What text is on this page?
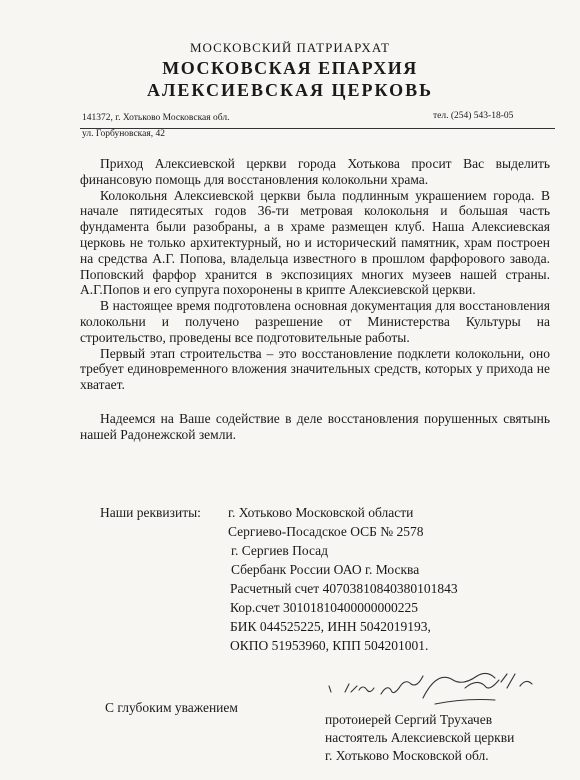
МОСКОВСКИЙ ПАТРИАРХАТ
МОСКОВСКАЯ ЕПАРХИЯ
АЛЕКСИЕВСКАЯ ЦЕРКОВЬ
141372, г. Хотьково Московская обл.	тел. (254) 543-18-05
ул. Горбуновская, 42

Приход Алексиевской церкви города Хотькова просит Вас выделить финансовую помощь для восстановления колокольни храма.

Колокольня Алексиевской церкви была подлинным украшением города. В начале пятидесятых годов 36-ти метровая колокольня и большая часть фундамента были разобраны, а в храме размещен клуб. Наша Алексиевская церковь не только архитектурный, но и исторический памятник, храм построен на средства А.Г. Попова, владельца известного в прошлом фарфорового завода. Поповский фарфор хранится в экспозициях многих музеев нашей страны. А.Г.Попов и его супруга похоронены в крипте Алексиевской церкви.

В настоящее время подготовлена основная документация для восстановления колокольни и получено разрешение от Министерства Культуры на строительство, проведены все подготовительные работы.

Первый этап строительства – это восстановление подклети колокольни, оно требует единовременного вложения значительных средств, которых у прихода не хватает.

Надеемся на Ваше содействие в деле восстановления порушенных святынь нашей Радонежской земли.

Наши реквизиты: г. Хотьково Московской области
Сергиево-Посадское ОСБ № 2578
г. Сергиев Посад
Сбербанк России ОАО г. Москва
Расчетный счет 40703810840380101843
Кор.счет 30101810400000000225
БИК 044525225, ИНН 5042019193,
ОКПО 51953960, КПП 504201001.
С глубоким уважением
протоиерей Сергий Трухачев
настоятель Алексиевской церкви
г. Хотьково Московской обл.
